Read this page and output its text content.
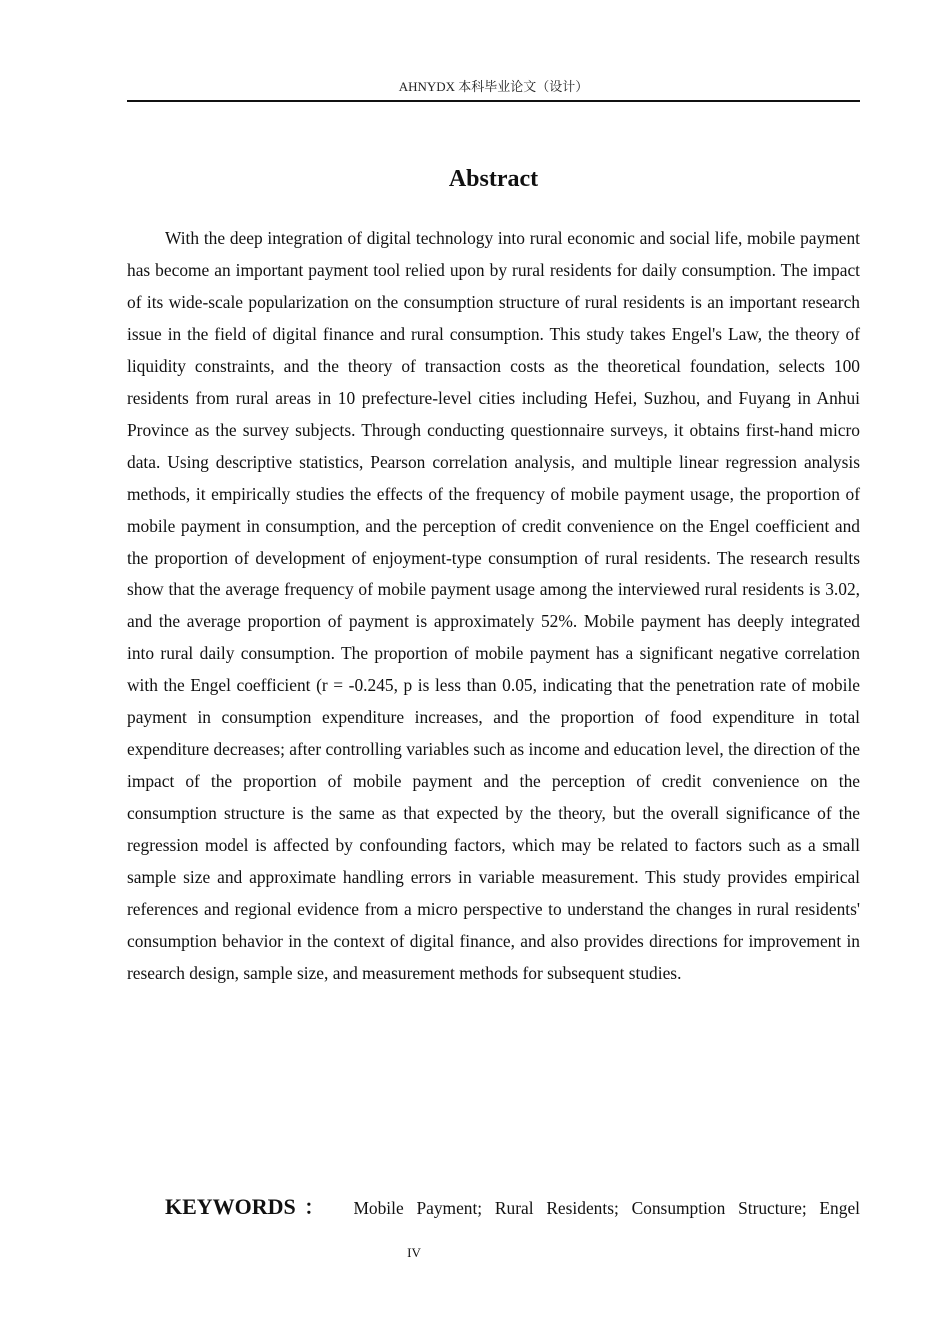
AHNYDX 本科毕业论文（设计）
Abstract

With the deep integration of digital technology into rural economic and social life, mobile payment has become an important payment tool relied upon by rural residents for daily consumption. The impact of its wide-scale popularization on the consumption structure of rural residents is an important research issue in the field of digital finance and rural consumption. This study takes Engel's Law, the theory of liquidity constraints, and the theory of transaction costs as the theoretical foundation, selects 100 residents from rural areas in 10 prefecture-level cities including Hefei, Suzhou, and Fuyang in Anhui Province as the survey subjects. Through conducting questionnaire surveys, it obtains first-hand micro data. Using descriptive statistics, Pearson correlation analysis, and multiple linear regression analysis methods, it empirically studies the effects of the frequency of mobile payment usage, the proportion of mobile payment in consumption, and the perception of credit convenience on the Engel coefficient and the proportion of development of enjoyment-type consumption of rural residents. The research results show that the average frequency of mobile payment usage among the interviewed rural residents is 3.02, and the average proportion of payment is approximately 52%. Mobile payment has deeply integrated into rural daily consumption. The proportion of mobile payment has a significant negative correlation with the Engel coefficient (r = -0.245, p is less than 0.05, indicating that the penetration rate of mobile payment in consumption expenditure increases, and the proportion of food expenditure in total expenditure decreases; after controlling variables such as income and education level, the direction of the impact of the proportion of mobile payment and the perception of credit convenience on the consumption structure is the same as that expected by the theory, but the overall significance of the regression model is affected by confounding factors, which may be related to factors such as a small sample size and approximate handling errors in variable measurement. This study provides empirical references and regional evidence from a micro perspective to understand the changes in rural residents' consumption behavior in the context of digital finance, and also provides directions for improvement in research design, sample size, and measurement methods for subsequent studies.

KEYWORDS： Mobile Payment; Rural Residents; Consumption Structure; Engel
IV
